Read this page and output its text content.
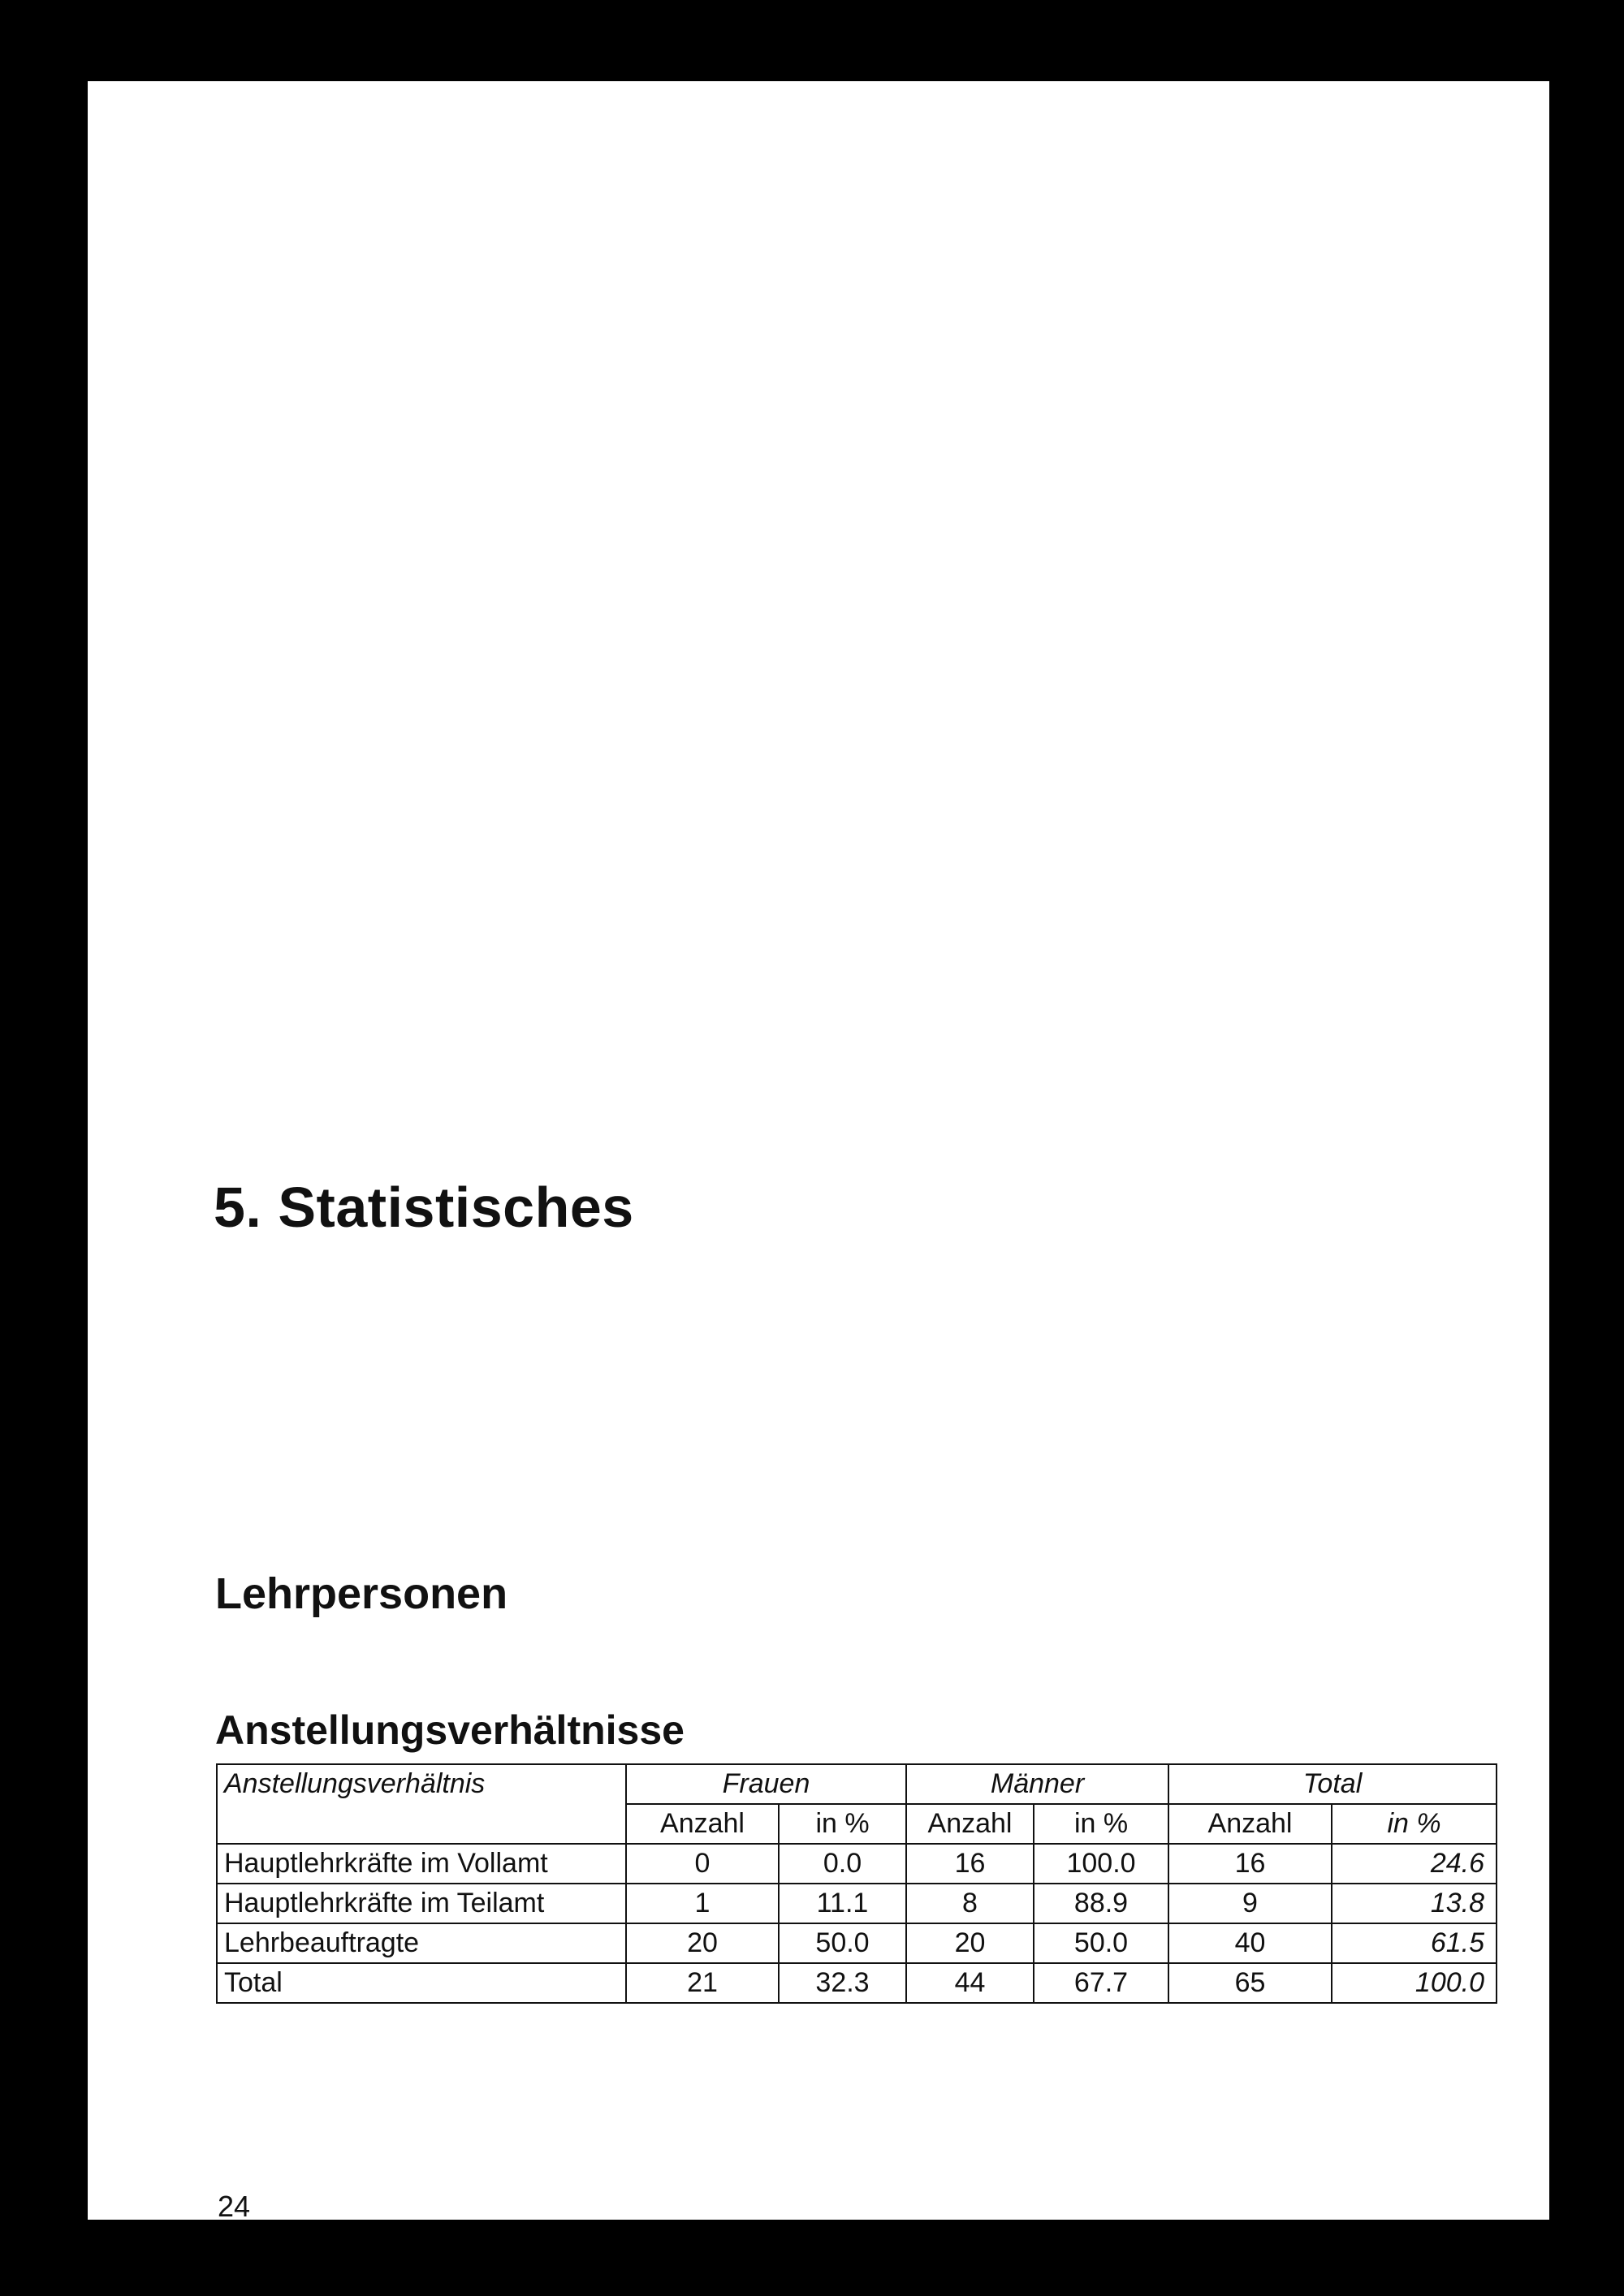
5. Statistisches
Lehrpersonen
Anstellungsverhältnisse
Anstellungsverhältnis	Frauen		Männer		Total	
	Anzahl	in %	Anzahl	in %	Anzahl	in %
Hauptlehrkräfte im Vollamt	0	0.0	16	100.0	16	24.6
Hauptlehrkräfte im Teilamt	1	11.1	8	88.9	9	13.8
Lehrbeauftragte	20	50.0	20	50.0	40	61.5
Total	21	32.3	44	67.7	65	100.0
24
